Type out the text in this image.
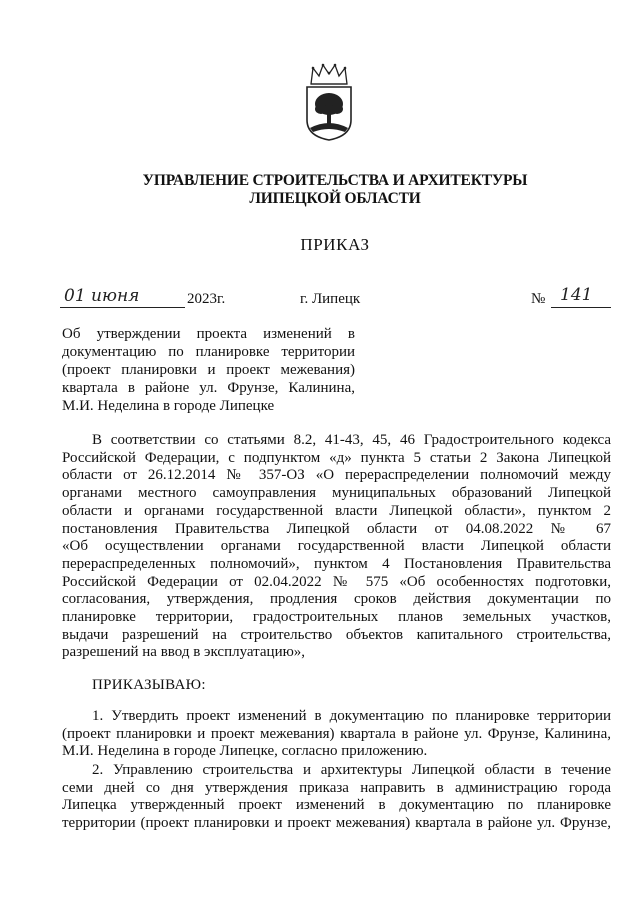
УПРАВЛЕНИЕ СТРОИТЕЛЬСТВА И АРХИТЕКТУРЫ
ЛИПЕЦКОЙ ОБЛАСТИ
ПРИКАЗ
01 июня	2023г.	г. Липецк	№ 141
Об утверждении проекта изменений в
документацию по планировке территории
(проект планировки и проект межевания)
квартала в районе ул. Фрунзе, Калинина,
М.И. Неделина в городе Липецке
В соответствии со статьями 8.2, 41-43, 45, 46 Градостроительного кодекса
Российской Федерации, с подпунктом «д» пункта 5 статьи 2 Закона Липецкой
области от 26.12.2014 № 357-ОЗ «О перераспределении полномочий между
органами местного самоуправления муниципальных образований Липецкой
области и органами государственной власти Липецкой области», пунктом 2
постановления Правительства Липецкой области от 04.08.2022 № 67
«Об осуществлении органами государственной власти Липецкой области
перераспределенных полномочий», пунктом 4 Постановления Правительства
Российской Федерации от 02.04.2022 № 575 «Об особенностях подготовки,
согласования, утверждения, продления сроков действия документации по
планировке территории, градостроительных планов земельных участков,
выдачи разрешений на строительство объектов капитального строительства,
разрешений на ввод в эксплуатацию»,
ПРИКАЗЫВАЮ:
1. Утвердить проект изменений в документацию по планировке территории
(проект планировки и проект межевания) квартала в районе ул. Фрунзе, Калинина,
М.И. Неделина в городе Липецке, согласно приложению.
2. Управлению строительства и архитектуры Липецкой области в течение
семи дней со дня утверждения приказа направить в администрацию города
Липецка утвержденный проект изменений в документацию по планировке
территории (проект планировки и проект межевания) квартала в районе ул. Фрунзе,
